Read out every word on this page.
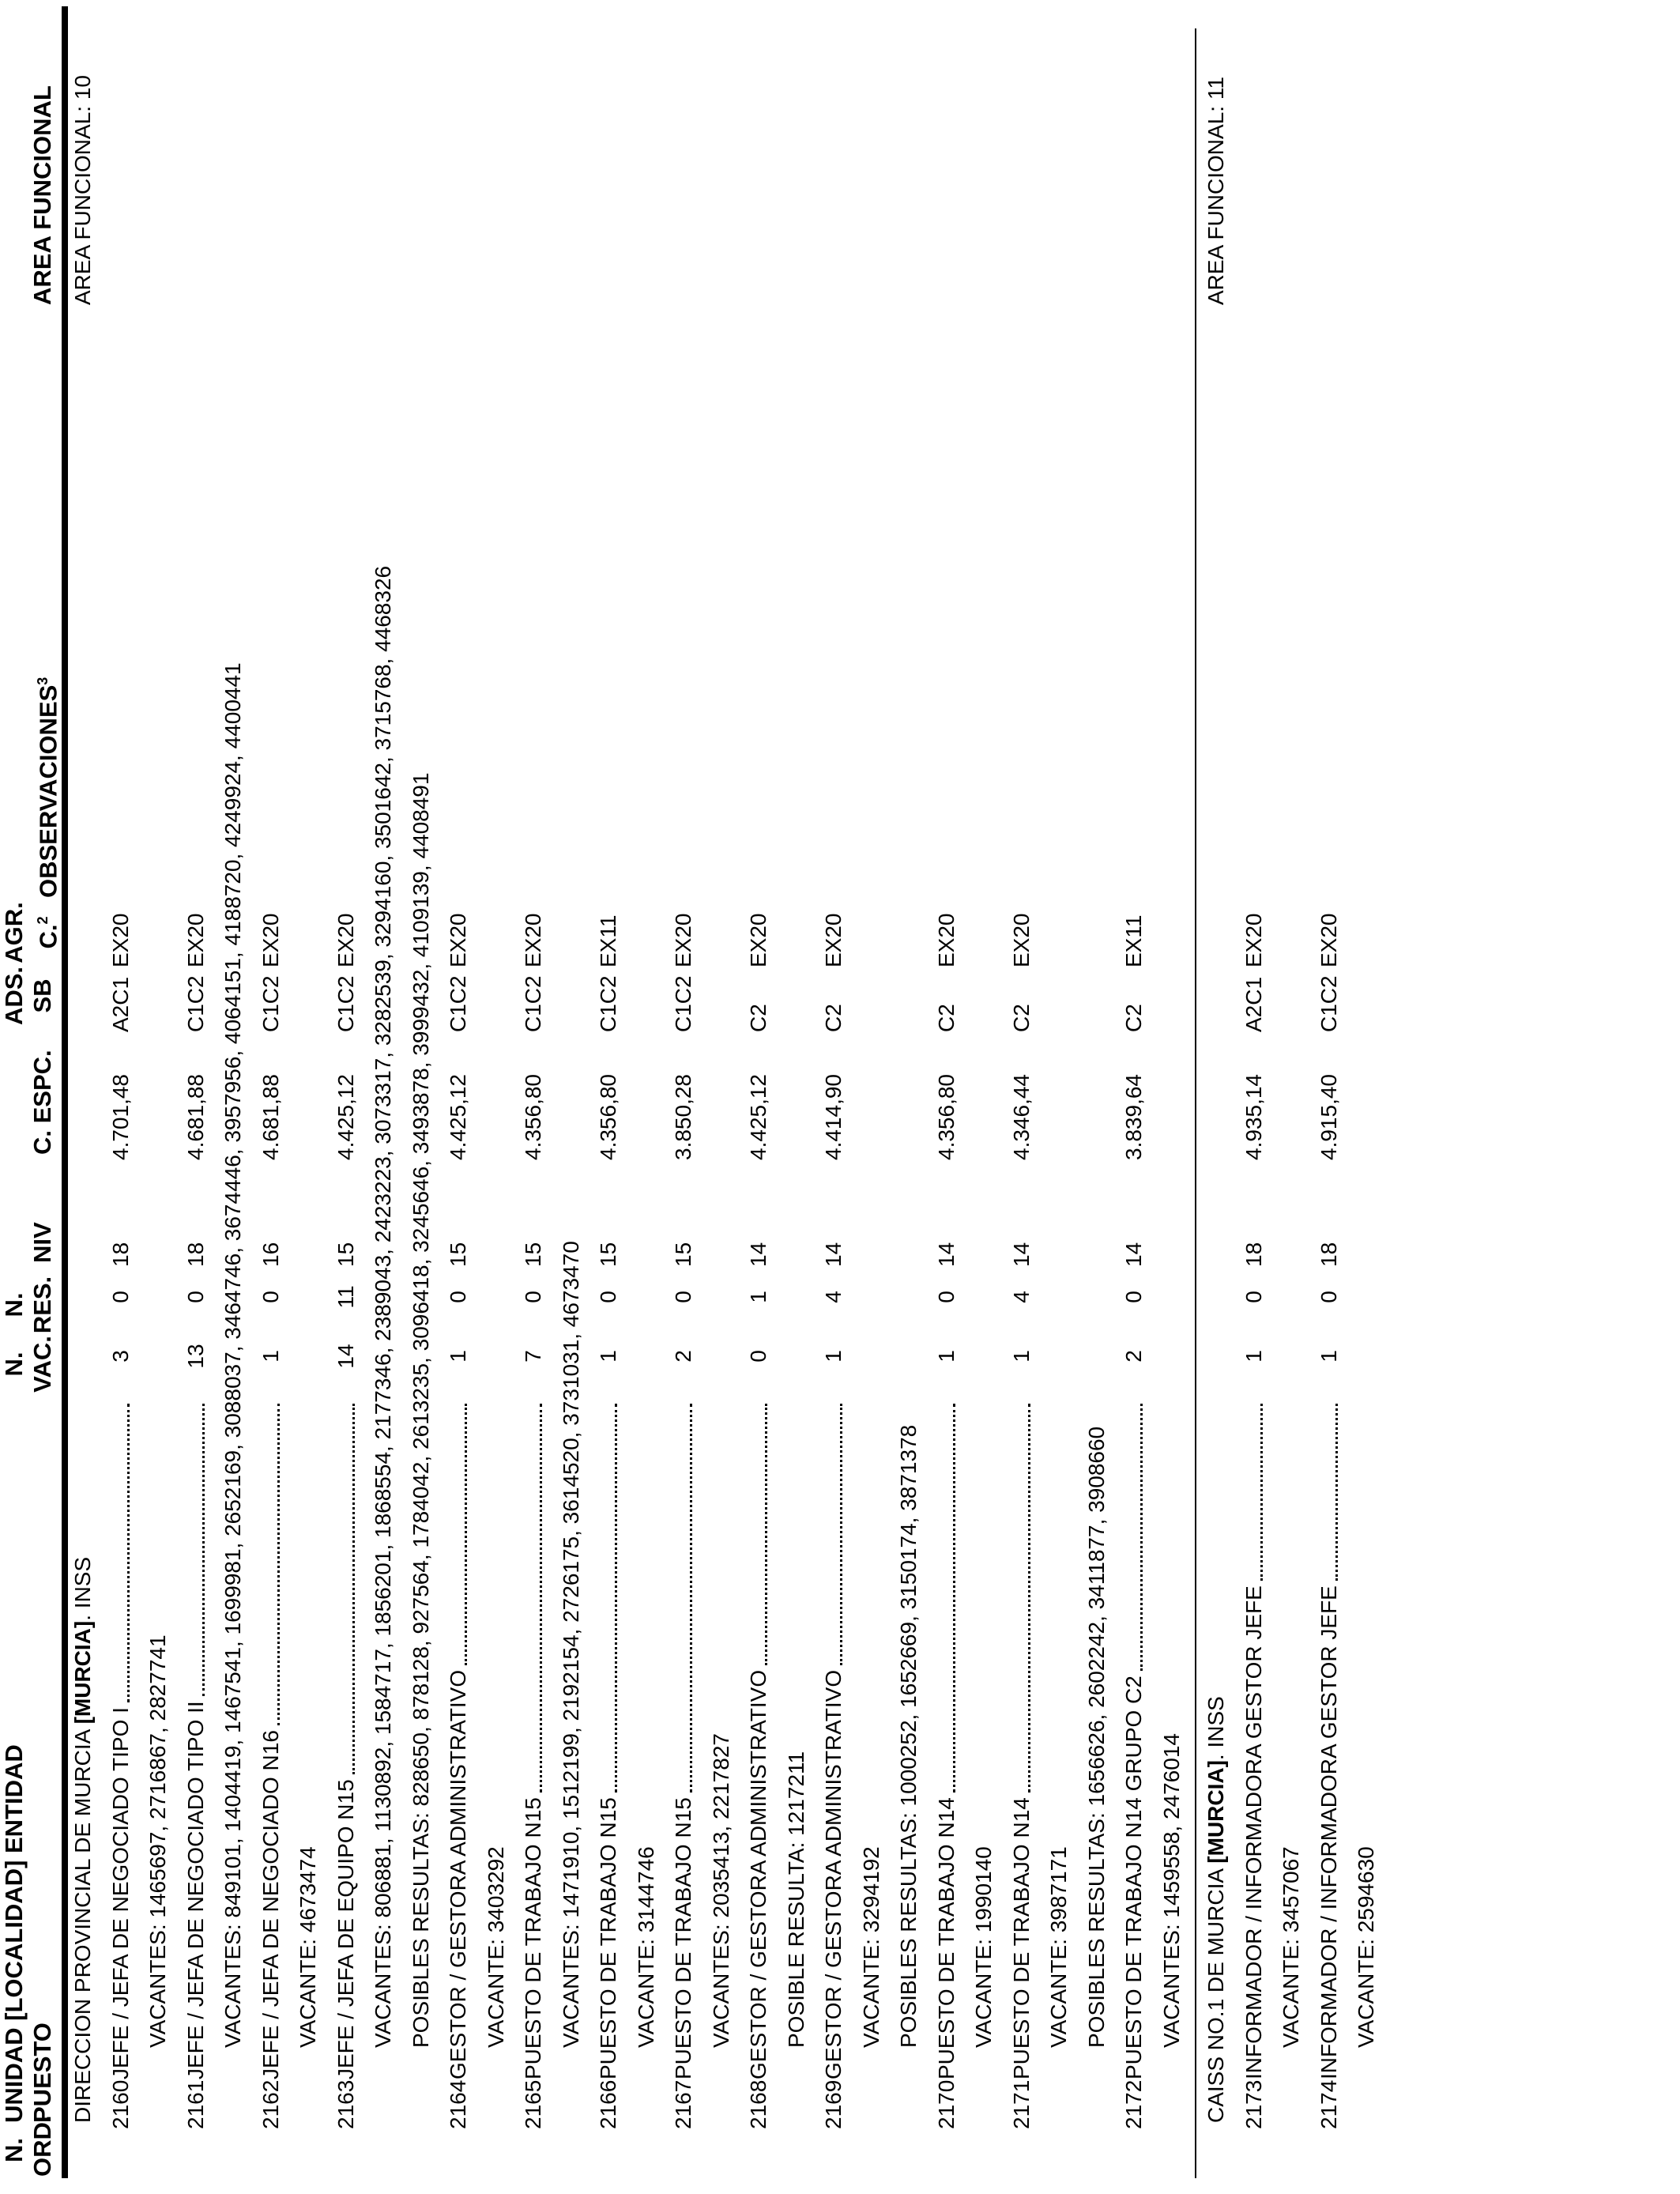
N. ORD.
UNIDAD [LOCALIDAD] ENTIDAD PUESTO
N. VAC.
N. RES.
NIV
C. ESPC.
ADS. SB
AGR. C.$^2$
OBSERVACIONES$^3$
AREA FUNCIONAL
DIRECCION PROVINCIAL DE MURCIA [MURCIA]. INSS
AREA FUNCIONAL: 10
2160
JEFE / JEFA DE NEGOCIADO TIPO I
3
0
18
4.701,48
A2C1
EX20
VACANTES: 1465697, 2716867, 2827741
2161
JEFE / JEFA DE NEGOCIADO TIPO II
13
0
18
4.681,88
C1C2
EX20 VACANTES: 849101, 1404419, 1467541, 1699981, 2652169, 3088037, 3464746, 3674446, 3957956, 4064151, 4188720, 4249924, 4400441
2162
JEFE / JEFA DE NEGOCIADO N16
1
0
16
4.681,88
C1C2
EX20
VACANTE: 4673474
2163
JEFE / JEFA DE EQUIPO N15
14
11
15
4.425,12
C1C2
EX20 VACANTES: 806881, 1130892, 1584717, 1856201, 1868554, 2177346, 2389043, 2423223, 3073317, 3282539, 3294160, 3501642, 3715768, 4468326 POSIBLES RESULTAS: 828650, 878128, 927564, 1784042, 2613235, 3096418, 3245646, 3493878, 3999432, 4109139, 4408491
2164
GESTOR / GESTORA ADMINISTRATIVO
1
0
15
4.425,12
C1C2
EX20
VACANTE: 3403292
2165
PUESTO DE TRABAJO N15
7
0
15
4.356,80
C1C2
EX20
VACANTES: 1471910, 1512199, 2192154, 2726175, 3614520, 3731031, 4673470
2166
PUESTO DE TRABAJO N15
1
0
15
4.356,80
C1C2
EX11
VACANTE: 3144746
2167
PUESTO DE TRABAJO N15
2
0
15
3.850,28
C1C2
EX20
VACANTES: 2035413, 2217827
2168
GESTOR / GESTORA ADMINISTRATIVO
0
1
14
4.425,12
C2
EX20
POSIBLE RESULTA: 1217211
2169
GESTOR / GESTORA ADMINISTRATIVO
1
4
14
4.414,90
C2
EX20
VACANTE: 3294192 POSIBLES RESULTAS: 1000252, 1652669, 3150174, 3871378
2170
PUESTO DE TRABAJO N14
1
0
14
4.356,80
C2
EX20
VACANTE: 1990140
2171
PUESTO DE TRABAJO N14
1
4
14
4.346,44
C2
EX20
VACANTE: 3987171 POSIBLES RESULTAS: 1656626, 2602242, 3411877, 3908660
2172
PUESTO DE TRABAJO N14 GRUPO C2
2
0
14
3.839,64
C2
EX11
VACANTES: 1459558, 2476014 CAISS NO.1 DE MURCIA [MURCIA]. INSS
AREA FUNCIONAL: 11
2173
INFORMADOR / INFORMADORA GESTOR JEFE
1
0
18
4.935,14
A2C1
EX20
VACANTE: 3457067
2174
INFORMADOR / INFORMADORA GESTOR JEFE
1
0
18
4.915,40
C1C2
EX20
VACANTE: 2594630
